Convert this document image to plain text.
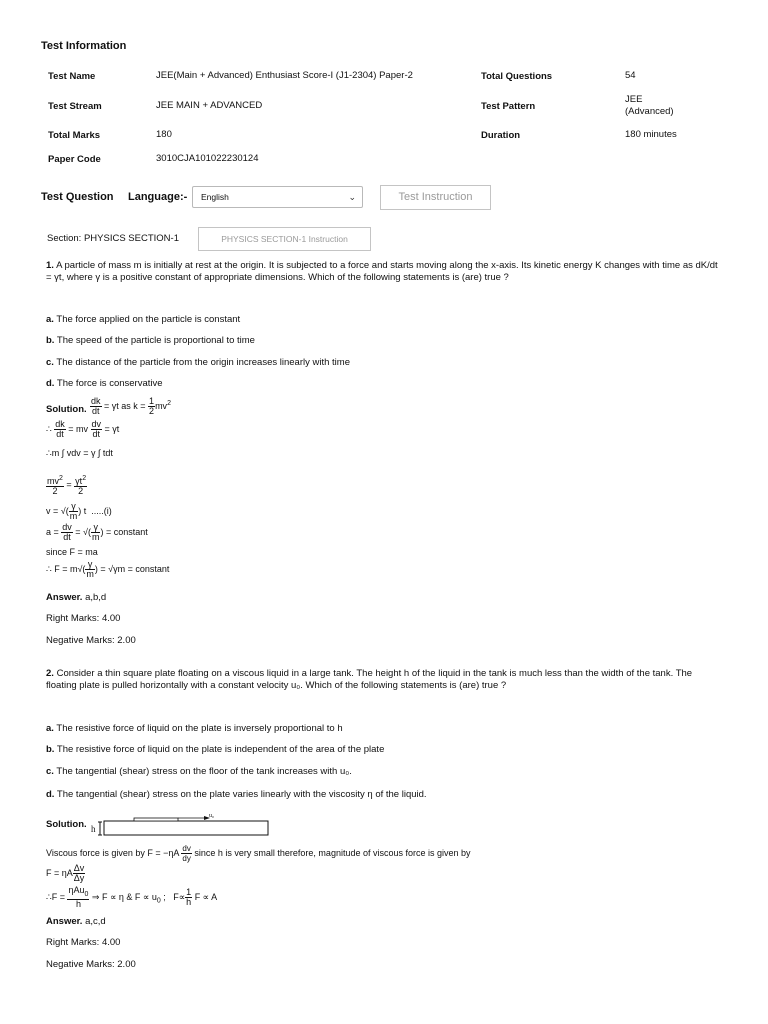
Test Information
Test Name	JEE(Main + Advanced) Enthusiast Score-I (J1-2304) Paper-2	Total Questions	54
Test Stream	JEE MAIN + ADVANCED	Test Pattern
JEE
(Advanced)
Total Marks	180	Duration	180 minutes
Paper Code	3010CJA101022230124
Test Question Language:-	English	⌄	Test Instruction
Section: PHYSICS SECTION-1	PHYSICS SECTION-1 Instruction
1. A particle of mass m is initially at rest at the origin. It is subjected to a force and starts moving along the x-axis. Its kinetic energy K changes with time as dK/dt = γt, where γ is a positive constant of appropriate dimensions. Which of the following statements is (are) true ?
a. The force applied on the particle is constant
b. The speed of the particle is proportional to time
c. The distance of the particle from the origin increases linearly with time
d. The force is conservative
Solution. $\frac{dk}{dt} = \gamma t$ as $k = \frac{1}{2} mv^2$
∴ $\frac{dk}{dt}$ = mv $\frac{dv}{dt} = \gamma t$
∴m ∫ vdv = γ ∫ tdt
$\frac{mv^2}{2} = \frac{\gamma t^2}{2}$
v = √( $\frac{\gamma}{m}$ ) t  .....(i)
$a = \frac{dv}{dt}$ = √( $\frac{\gamma}{m}$ ) = constant
since F = ma
∴ $F = m√( \frac{\gamma}{m}$ ) = √γm = constant
Answer. a,b,d
Right Marks: 4.00
Negative Marks: 2.00
2. Consider a thin square plate floating on a viscous liquid in a large tank. The height h of the liquid in the tank is much less than the width of the tank. The floating plate is pulled horizontally with a constant velocity u₀. Which of the following statements is (are) true ?
a. The resistive force of liquid on the plate is inversely proportional to h
b. The resistive force of liquid on the plate is independent of the area of the plate
c. The tangential (shear) stress on the floor of the tank increases with u₀.
d. The tangential (shear) stress on the plate varies linearly with the viscosity η of the liquid.
Solution. h
u₀
Viscous force is given by $F = -\eta A \frac{dv}{dy}$ since h is very small therefore, magnitude of viscous force is given by
F = ηA $\frac{\Delta v}{\Delta y}$
∴F = $\frac{\eta Au_0}{h}$ ⇒ F ∝ η & $F \propto u_0$ ;   $F\propto \frac{1}{h}$ F ∝ A
Answer. a,c,d
Right Marks: 4.00
Negative Marks: 2.00
